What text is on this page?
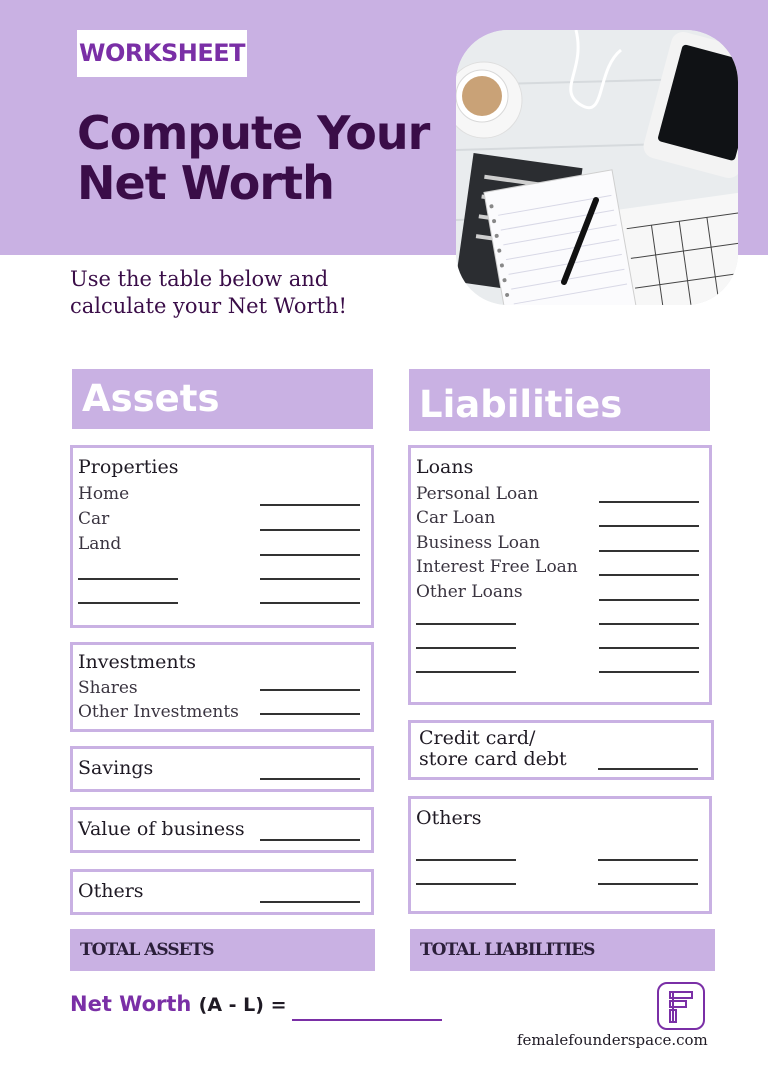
WORKSHEET
Compute Your
Net Worth
Use the table below and
calculate your Net Worth!
Assets	Liabilities
Properties
Home
Car
Land
Investments
Shares
Other Investments
Savings
Value of business
Others
Loans
Personal Loan
Car Loan
Business Loan
Interest Free Loan
Other Loans
Credit card/
store card debt
Others
TOTAL ASSETS	TOTAL LIABILITIES
Net Worth (A - L) =
femalefounderspace.com
